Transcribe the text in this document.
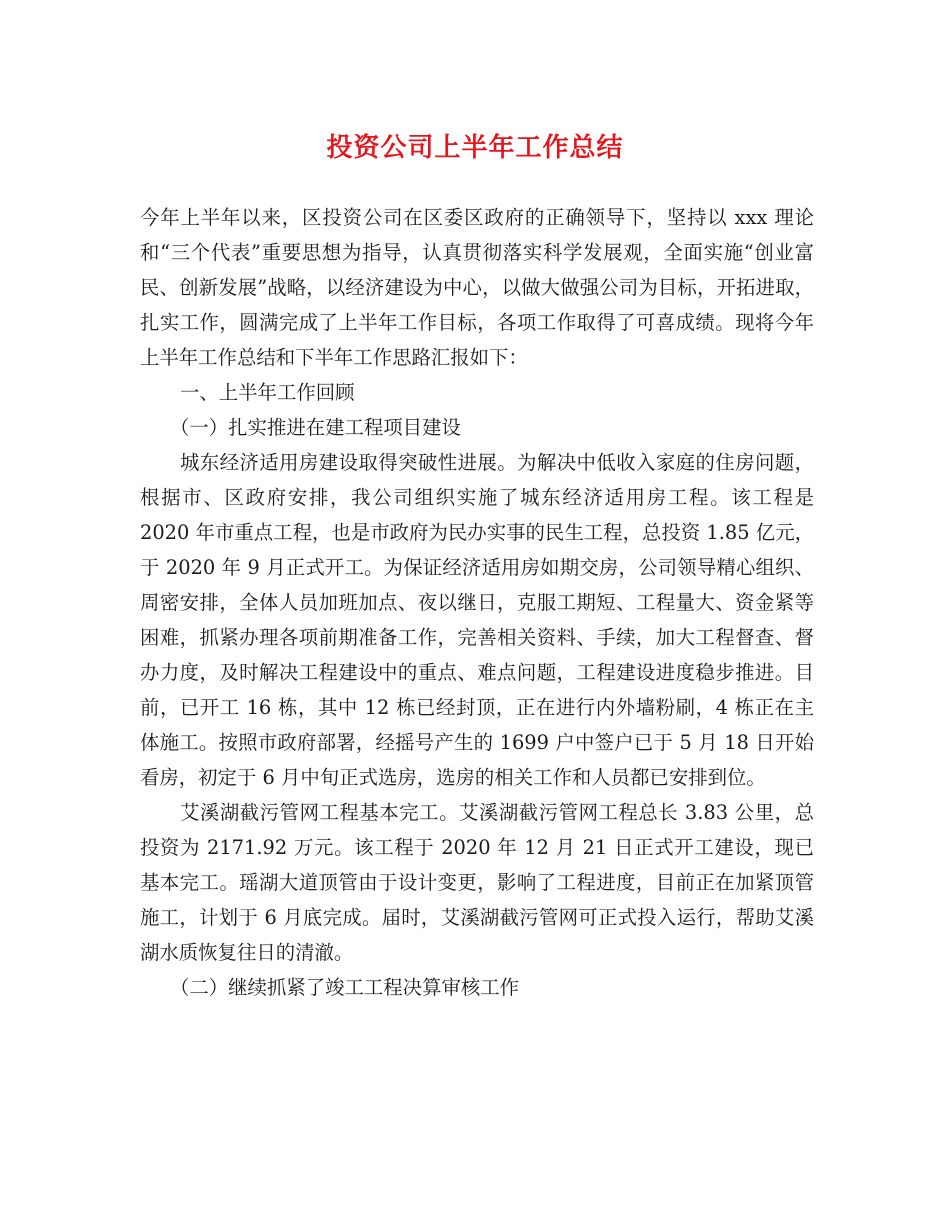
投资公司上半年工作总结

今年上半年以来，区投资公司在区委区政府的正确领导下，坚持以 xxx 理论和“三个代表”重要思想为指导，认真贯彻落实科学发展观，全面实施“创业富民、创新发展”战略，以经济建设为中心，以做大做强公司为目标，开拓进取，扎实工作，圆满完成了上半年工作目标，各项工作取得了可喜成绩。现将今年上半年工作总结和下半年工作思路汇报如下：

一、上半年工作回顾

（一）扎实推进在建工程项目建设

城东经济适用房建设取得突破性进展。为解决中低收入家庭的住房问题，根据市、区政府安排，我公司组织实施了城东经济适用房工程。该工程是 2020 年市重点工程，也是市政府为民办实事的民生工程，总投资 1.85 亿元，于 2020 年 9 月正式开工。为保证经济适用房如期交房，公司领导精心组织、周密安排，全体人员加班加点、夜以继日，克服工期短、工程量大、资金紧等困难，抓紧办理各项前期准备工作，完善相关资料、手续，加大工程督查、督办力度，及时解决工程建设中的重点、难点问题，工程建设进度稳步推进。目前，已开工 16 栋，其中 12 栋已经封顶，正在进行内外墙粉刷，4 栋正在主体施工。按照市政府部署，经摇号产生的 1699 户中签户已于 5 月 18 日开始看房，初定于 6 月中旬正式选房，选房的相关工作和人员都已安排到位。

艾溪湖截污管网工程基本完工。艾溪湖截污管网工程总长 3.83 公里，总投资为 2171.92 万元。该工程于 2020 年 12 月 21 日正式开工建设，现已基本完工。瑶湖大道顶管由于设计变更，影响了工程进度，目前正在加紧顶管施工，计划于 6 月底完成。届时，艾溪湖截污管网可正式投入运行，帮助艾溪湖水质恢复往日的清澈。

（二）继续抓紧了竣工工程决算审核工作
